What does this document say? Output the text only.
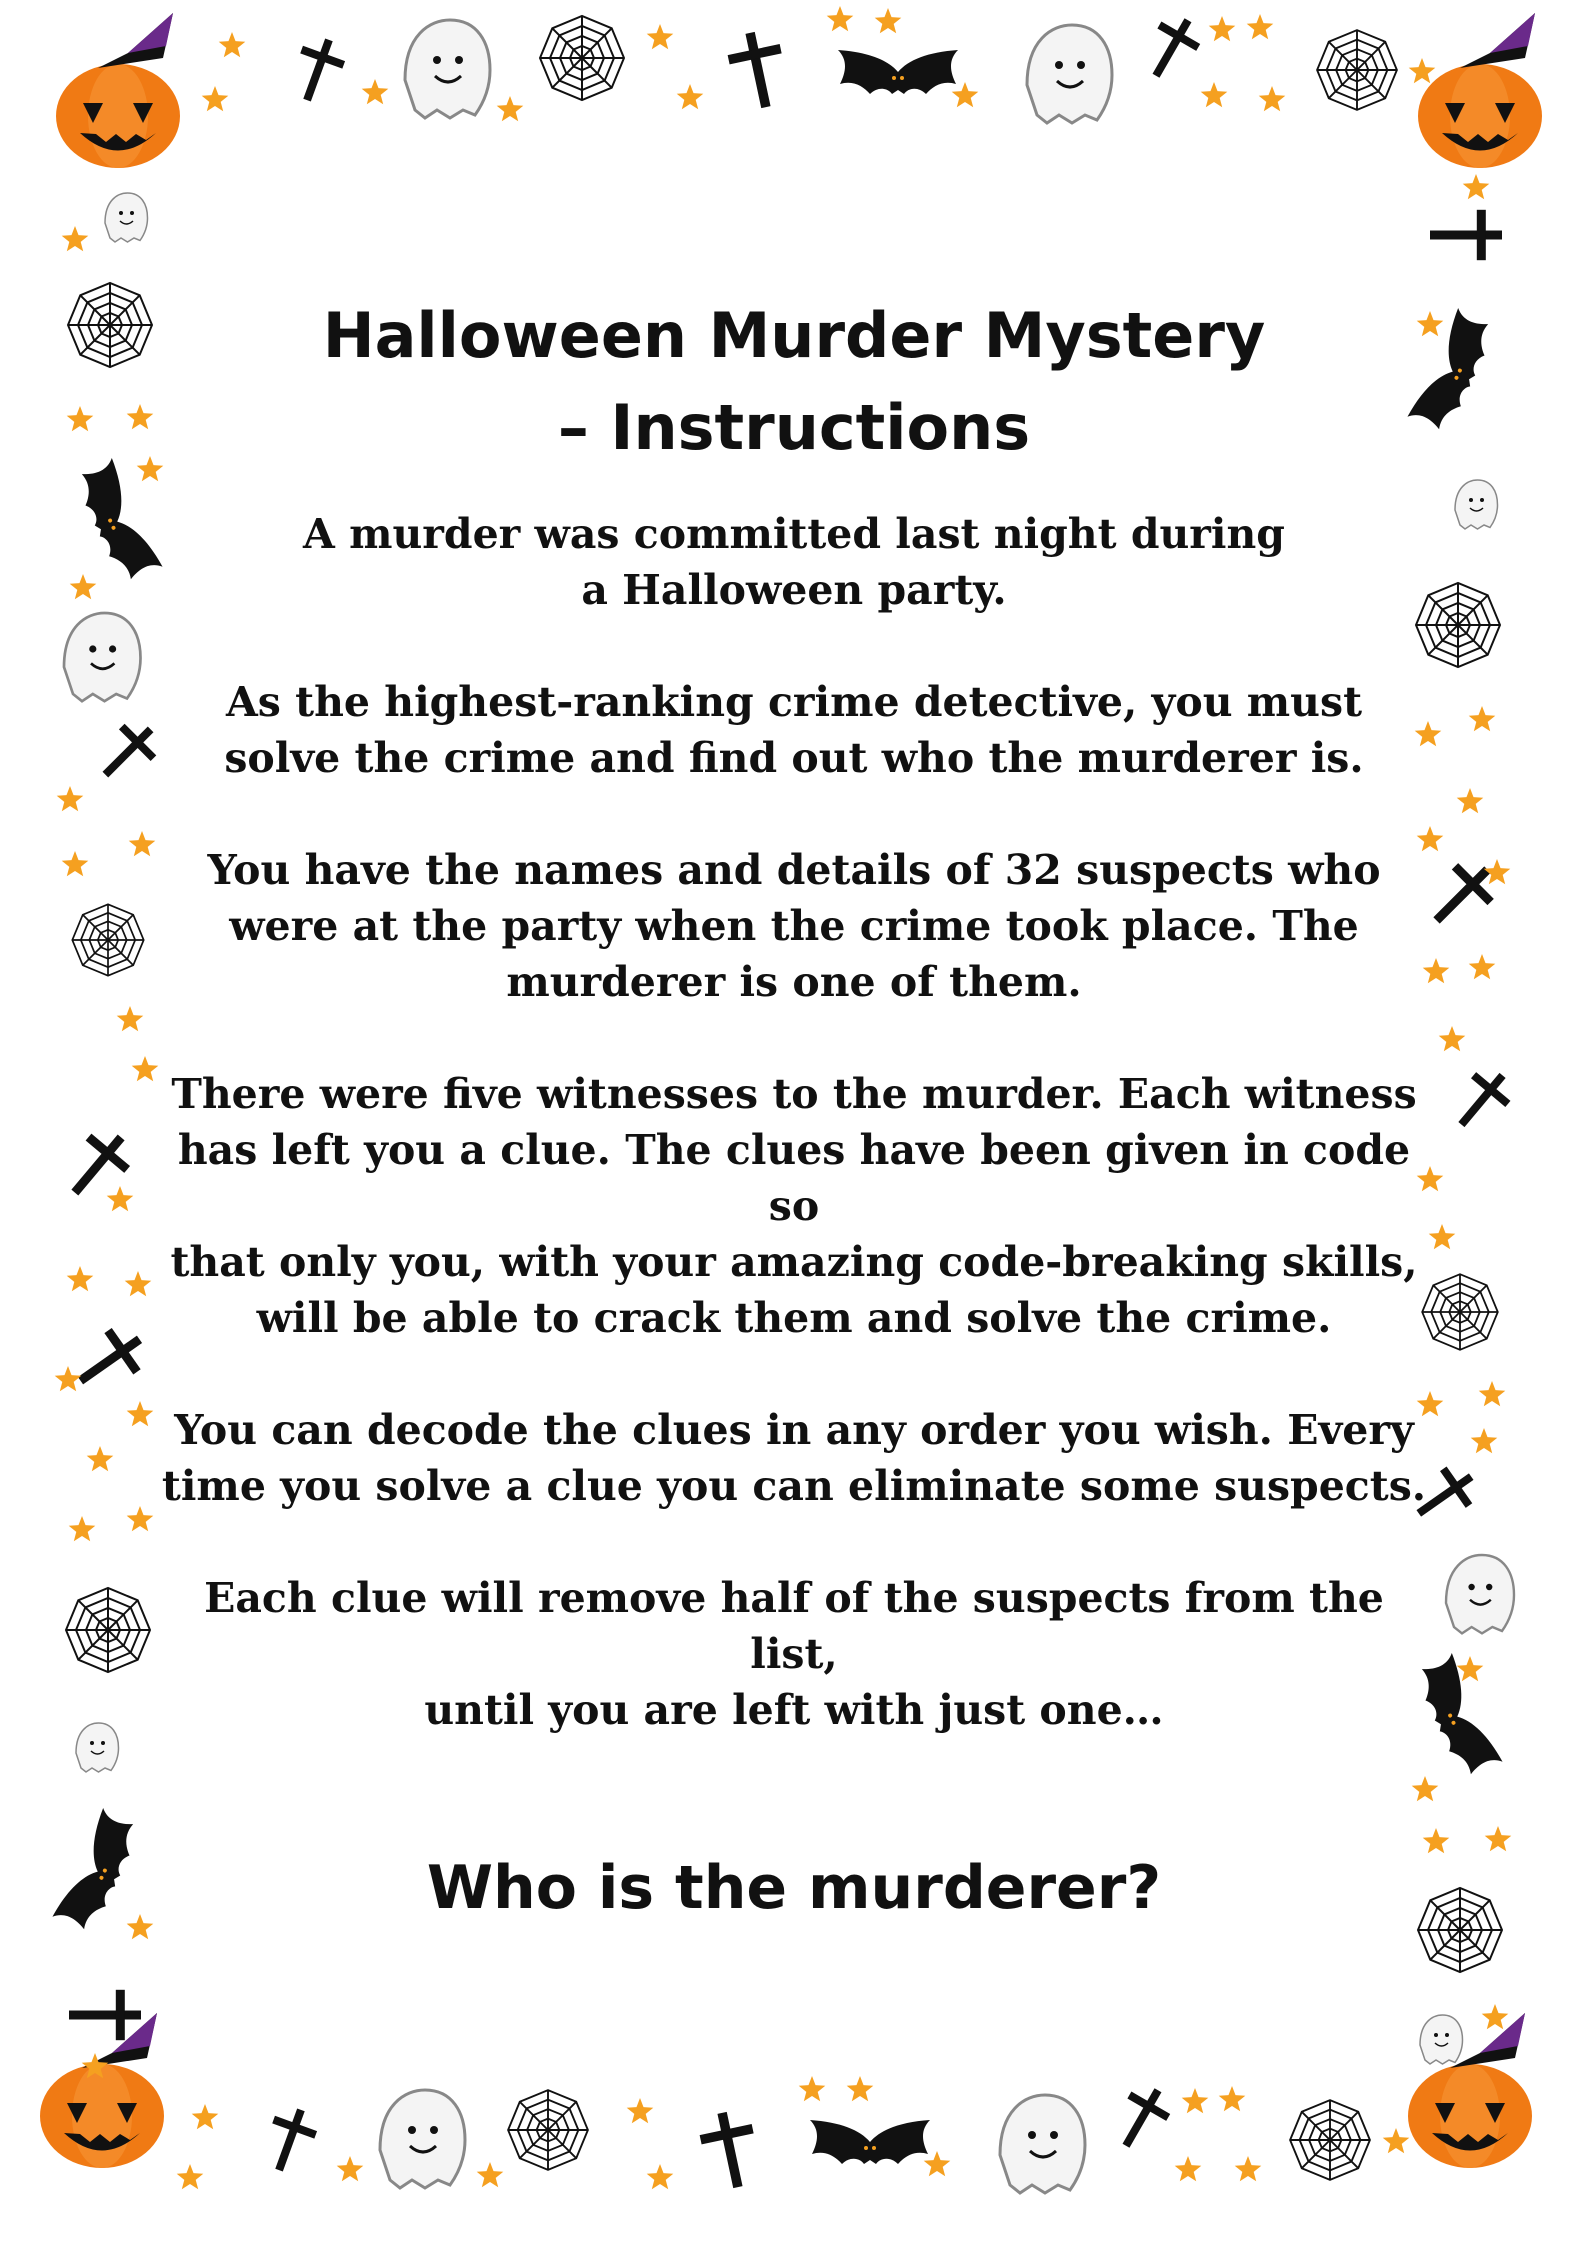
Halloween Murder Mystery
– Instructions
A murder was committed last night during
a Halloween party.
As the highest-ranking crime detective, you must
solve the crime and find out who the murderer is.
You have the names and details of 32 suspects who
were at the party when the crime took place. The
murderer is one of them.
There were five witnesses to the murder. Each witness
has left you a clue. The clues have been given in code so
that only you, with your amazing code-breaking skills,
will be able to crack them and solve the crime.
You can decode the clues in any order you wish. Every
time you solve a clue you can eliminate some suspects.
Each clue will remove half of the suspects from the list,
until you are left with just one…
Who is the murderer?
